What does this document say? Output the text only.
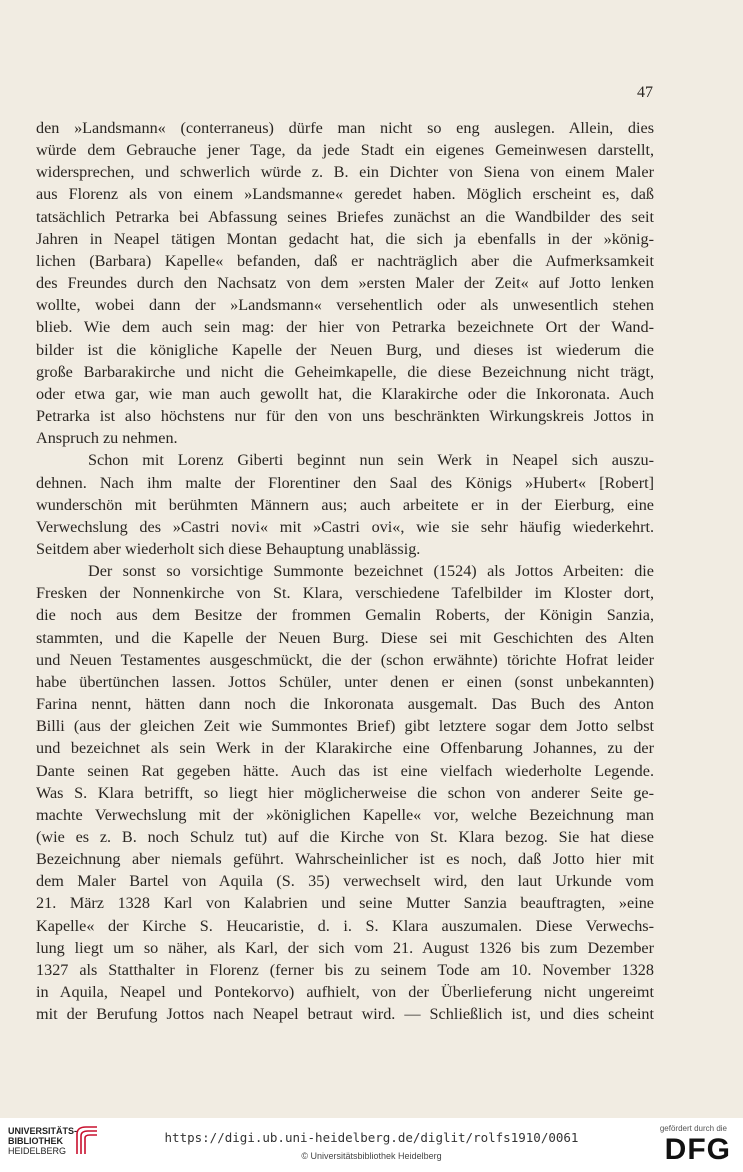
47

den »Landsmann« (conterraneus) dürfe man nicht so eng auslegen. Allein, dies
würde dem Gebrauche jener Tage, da jede Stadt ein eigenes Gemeinwesen darstellt,
widersprechen, und schwerlich würde z. B. ein Dichter von Siena von einem Maler
aus Florenz als von einem »Landsmanne« geredet haben. Möglich erscheint es, daß
tatsächlich Petrarka bei Abfassung seines Briefes zunächst an die Wandbilder des seit
Jahren in Neapel tätigen Montan gedacht hat, die sich ja ebenfalls in der »könig-
lichen (Barbara) Kapelle« befanden, daß er nachträglich aber die Aufmerksamkeit
des Freundes durch den Nachsatz von dem »ersten Maler der Zeit« auf Jotto lenken
wollte, wobei dann der »Landsmann« versehentlich oder als unwesentlich stehen
blieb. Wie dem auch sein mag: der hier von Petrarka bezeichnete Ort der Wand-
bilder ist die königliche Kapelle der Neuen Burg, und dieses ist wiederum die
große Barbarakirche und nicht die Geheimkapelle, die diese Bezeichnung nicht trägt,
oder etwa gar, wie man auch gewollt hat, die Klarakirche oder die Inkoronata. Auch
Petrarka ist also höchstens nur für den von uns beschränkten Wirkungskreis Jottos in

Anspruch zu nehmen.

Schon mit Lorenz Giberti beginnt nun sein Werk in Neapel sich auszu-
dehnen. Nach ihm malte der Florentiner den Saal des Königs »Hubert« [Robert]
wunderschön mit berühmten Männern aus; auch arbeitete er in der Eierburg, eine
Verwechslung des »Castri novi« mit »Castri ovi«, wie sie sehr häufig wiederkehrt.

Seitdem aber wiederholt sich diese Behauptung unablässig.

Der sonst so vorsichtige Summonte bezeichnet (1524) als Jottos Arbeiten: die
Fresken der Nonnenkirche von St. Klara, verschiedene Tafelbilder im Kloster dort,
die noch aus dem Besitze der frommen Gemalin Roberts, der Königin Sanzia,
stammten, und die Kapelle der Neuen Burg. Diese sei mit Geschichten des Alten
und Neuen Testamentes ausgeschmückt, die der (schon erwähnte) törichte Hofrat leider
habe übertünchen lassen. Jottos Schüler, unter denen er einen (sonst unbekannten)
Farina nennt, hätten dann noch die Inkoronata ausgemalt. Das Buch des Anton
Billi (aus der gleichen Zeit wie Summontes Brief) gibt letztere sogar dem Jotto selbst
und bezeichnet als sein Werk in der Klarakirche eine Offenbarung Johannes, zu der
Dante seinen Rat gegeben hätte. Auch das ist eine vielfach wiederholte Legende.
Was S. Klara betrifft, so liegt hier möglicherweise die schon von anderer Seite ge-
machte Verwechslung mit der »königlichen Kapelle« vor, welche Bezeichnung man
(wie es z. B. noch Schulz tut) auf die Kirche von St. Klara bezog. Sie hat diese
Bezeichnung aber niemals geführt. Wahrscheinlicher ist es noch, daß Jotto hier mit
dem Maler Bartel von Aquila (S. 35) verwechselt wird, den laut Urkunde vom
21. März 1328 Karl von Kalabrien und seine Mutter Sanzia beauftragten, »eine
Kapelle« der Kirche S. Heucaristie, d. i. S. Klara auszumalen. Diese Verwechs-
lung liegt um so näher, als Karl, der sich vom 21. August 1326 bis zum Dezember
1327 als Statthalter in Florenz (ferner bis zu seinem Tode am 10. November 1328
in Aquila, Neapel und Pontekorvo) aufhielt, von der Überlieferung nicht ungereimt
mit der Berufung Jottos nach Neapel betraut wird. — Schließlich ist, und dies scheint

UNIVERSITÄTS-
BIBLIOTHEK
HEIDELBERG
https://digi.ub.uni-heidelberg.de/diglit/rolfs1910/0061
© Universitätsbibliothek Heidelberg
gefördert durch die
DFG
